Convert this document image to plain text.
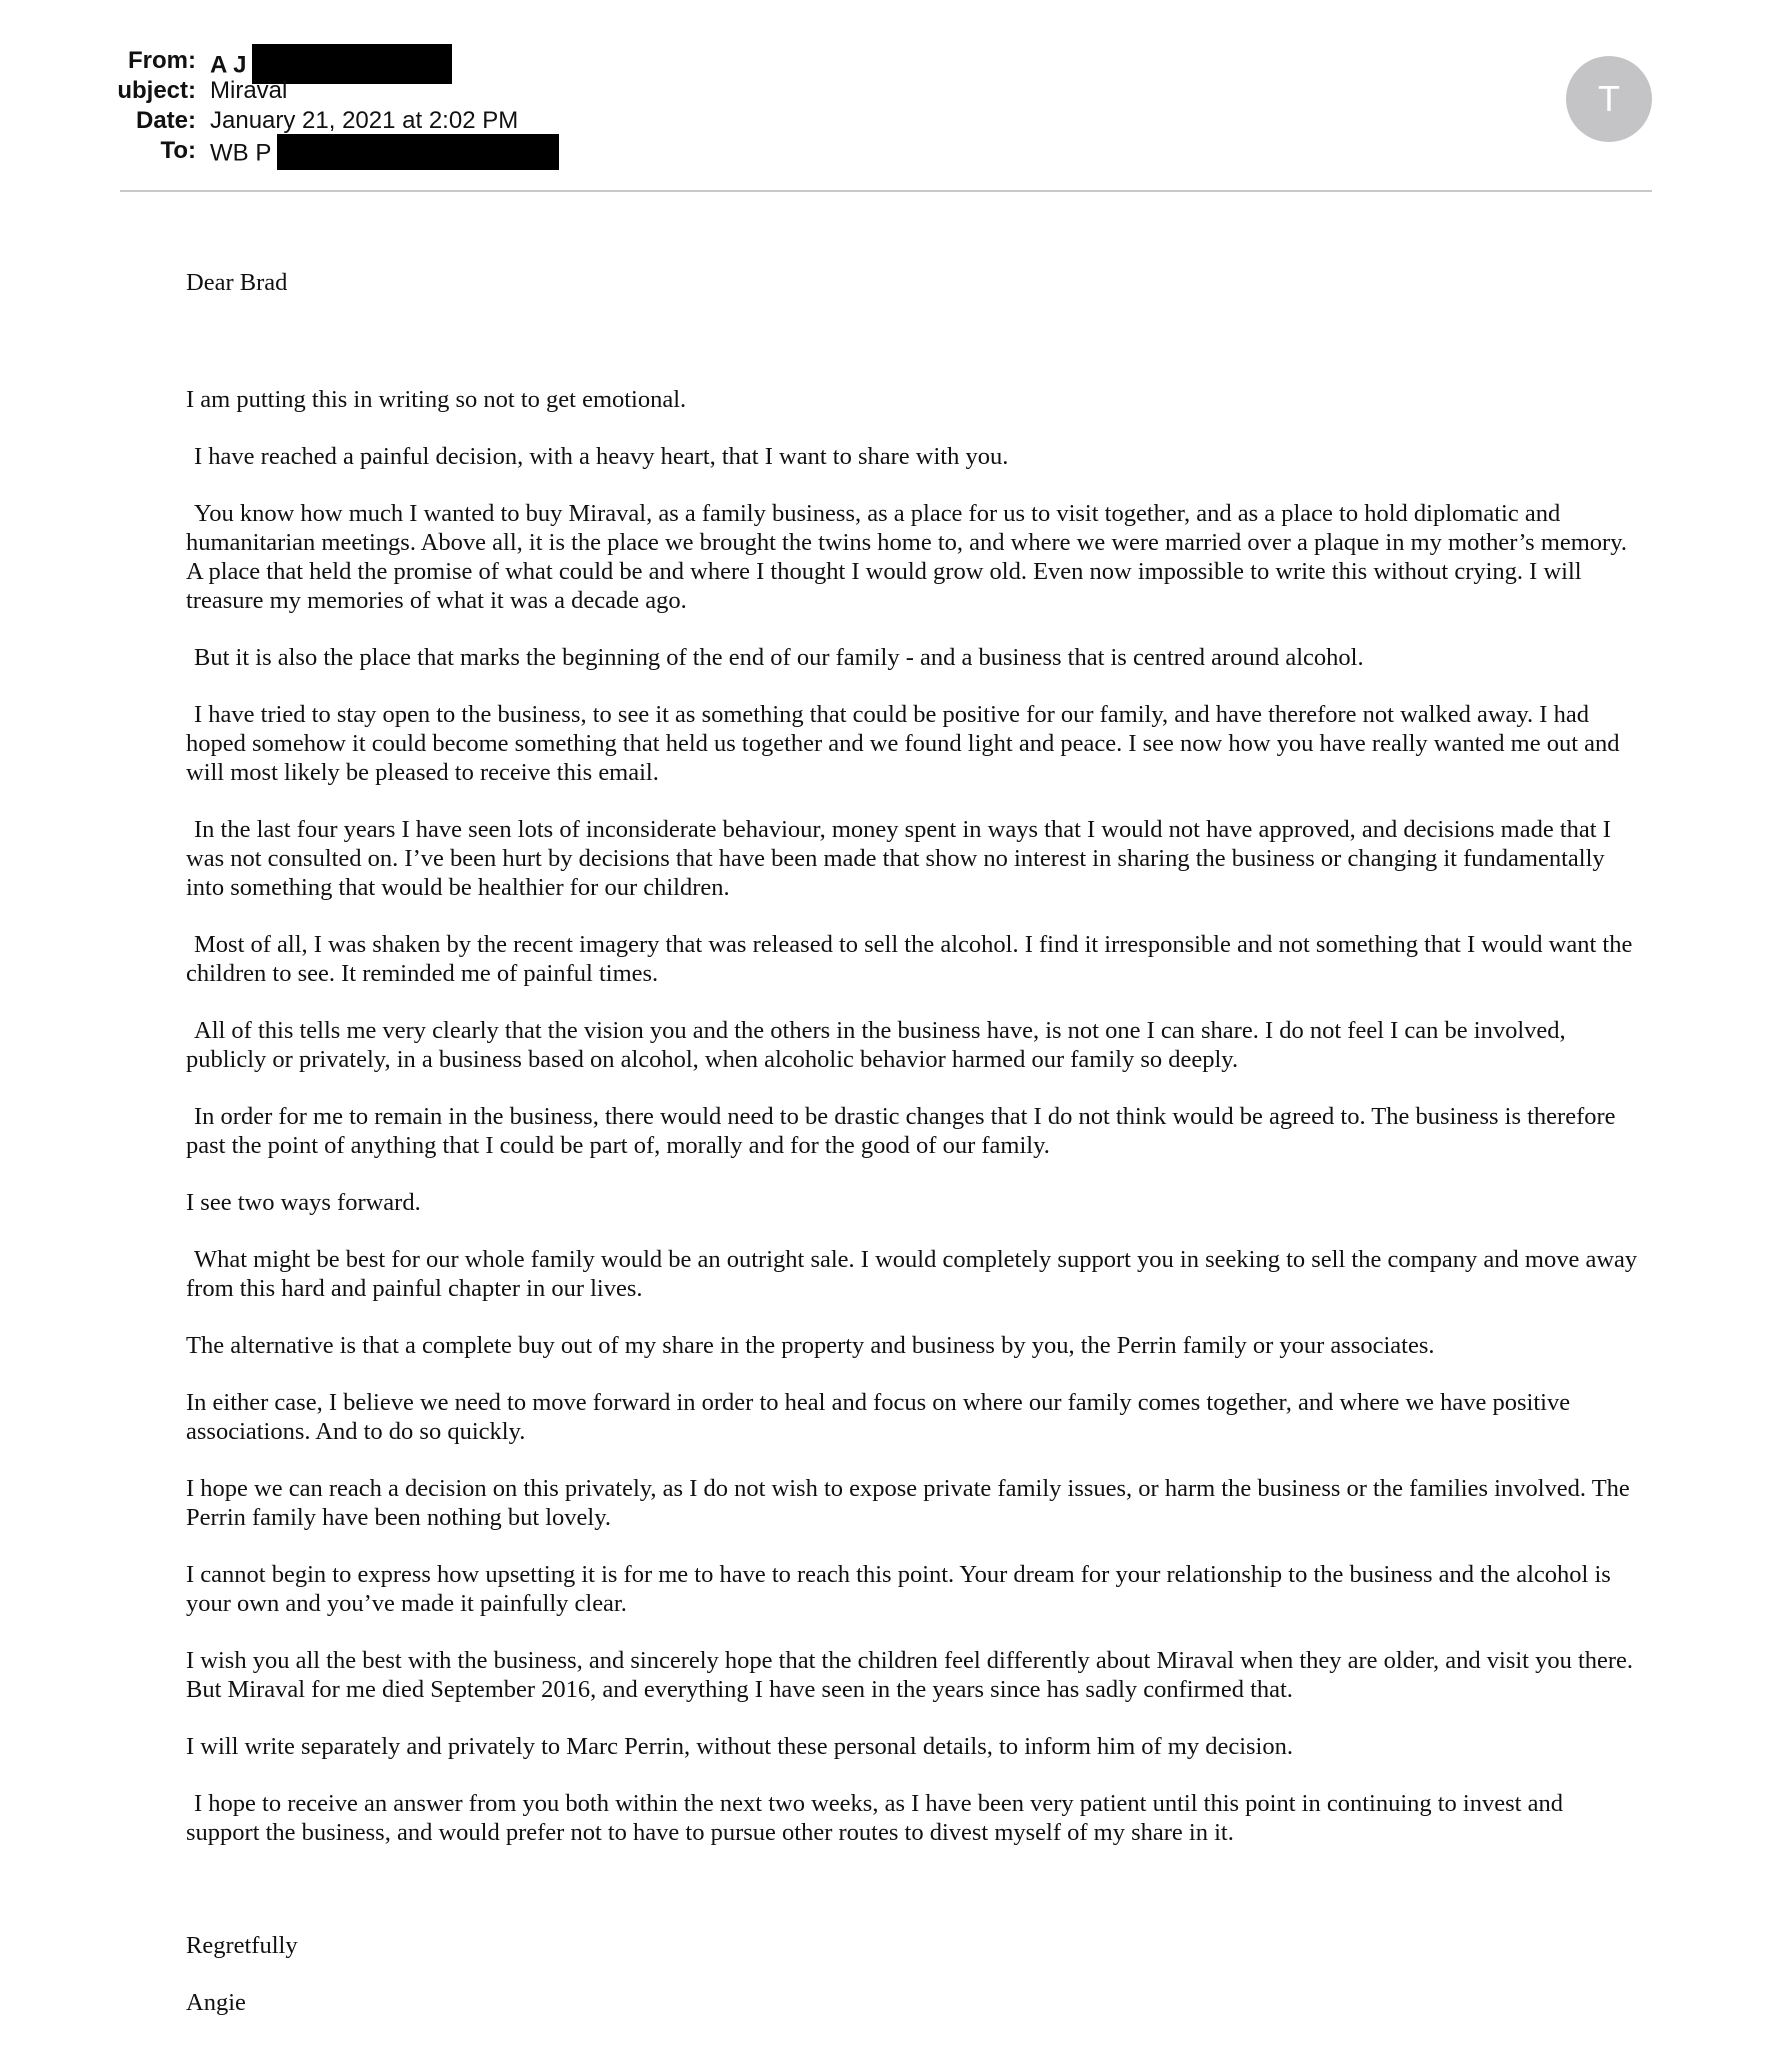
From: A J
ubject: Miraval
Date: January 21, 2021 at 2:02 PM
To: WB P
T

Dear Brad

I am putting this in writing so not to get emotional.

I have reached a painful decision, with a heavy heart, that I want to share with you.

You know how much I wanted to buy Miraval, as a family business, as a place for us to visit together, and as a place to hold diplomatic and humanitarian meetings. Above all, it is the place we brought the twins home to, and where we were married over a plaque in my mother’s memory. A place that held the promise of what could be and where I thought I would grow old. Even now impossible to write this without crying. I will treasure my memories of what it was a decade ago.

But it is also the place that marks the beginning of the end of our family - and a business that is centred around alcohol.

I have tried to stay open to the business, to see it as something that could be positive for our family, and have therefore not walked away. I had hoped somehow it could become something that held us together and we found light and peace. I see now how you have really wanted me out and will most likely be pleased to receive this email.

In the last four years I have seen lots of inconsiderate behaviour, money spent in ways that I would not have approved, and decisions made that I was not consulted on. I’ve been hurt by decisions that have been made that show no interest in sharing the business or changing it fundamentally into something that would be healthier for our children.

Most of all, I was shaken by the recent imagery that was released to sell the alcohol. I find it irresponsible and not something that I would want the children to see. It reminded me of painful times.

All of this tells me very clearly that the vision you and the others in the business have, is not one I can share. I do not feel I can be involved, publicly or privately, in a business based on alcohol, when alcoholic behavior harmed our family so deeply.

In order for me to remain in the business, there would need to be drastic changes that I do not think would be agreed to. The business is therefore past the point of anything that I could be part of, morally and for the good of our family.

I see two ways forward.

What might be best for our whole family would be an outright sale. I would completely support you in seeking to sell the company and move away from this hard and painful chapter in our lives.

The alternative is that a complete buy out of my share in the property and business by you, the Perrin family or your associates.

In either case, I believe we need to move forward in order to heal and focus on where our family comes together, and where we have positive associations. And to do so quickly.

I hope we can reach a decision on this privately, as I do not wish to expose private family issues, or harm the business or the families involved. The Perrin family have been nothing but lovely.

I cannot begin to express how upsetting it is for me to have to reach this point. Your dream for your relationship to the business and the alcohol is your own and you’ve made it painfully clear.

I wish you all the best with the business, and sincerely hope that the children feel differently about Miraval when they are older, and visit you there. But Miraval for me died September 2016, and everything I have seen in the years since has sadly confirmed that.

I will write separately and privately to Marc Perrin, without these personal details, to inform him of my decision.

I hope to receive an answer from you both within the next two weeks, as I have been very patient until this point in continuing to invest and support the business, and would prefer not to have to pursue other routes to divest myself of my share in it.

Regretfully

Angie
